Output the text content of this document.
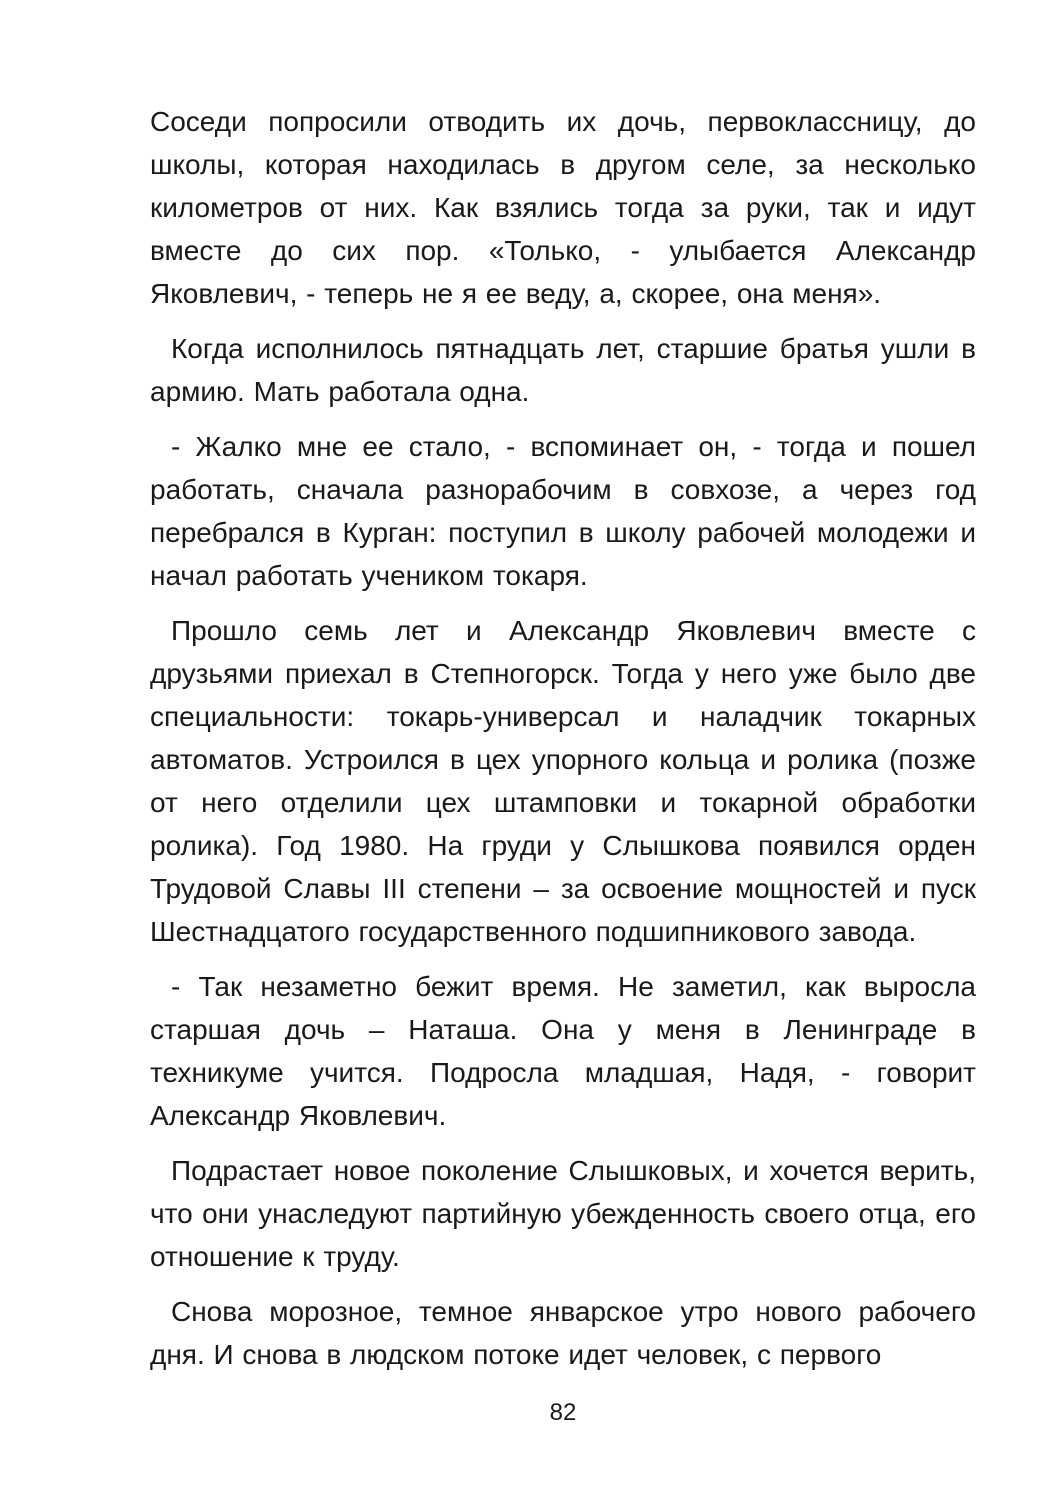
Соседи попросили отводить их дочь, первоклассницу, до школы, которая находилась в другом селе, за несколько километров от них. Как взялись тогда за руки, так и идут вместе до сих пор. «Только, - улыбается Александр Яковлевич, - теперь не я ее веду, а, скорее, она меня».

Когда исполнилось пятнадцать лет, старшие братья ушли в армию. Мать работала одна.

- Жалко мне ее стало, - вспоминает он, - тогда и пошел работать, сначала разнорабочим в совхозе, а через год перебрался в Курган: поступил в школу рабочей молодежи и начал работать учеником токаря.

Прошло семь лет и Александр Яковлевич вместе с друзьями приехал в Степногорск. Тогда у него уже было две специальности: токарь-универсал и наладчик токарных автоматов. Устроился в цех упорного кольца и ролика (позже от него отделили цех штамповки и токарной обработки ролика). Год 1980. На груди у Слышкова появился орден Трудовой Славы III степени – за освоение мощностей и пуск Шестнадцатого государственного подшипникового завода.

- Так незаметно бежит время. Не заметил, как выросла старшая дочь – Наташа. Она у меня в Ленинграде в техникуме учится. Подросла младшая, Надя, - говорит Александр Яковлевич.

Подрастает новое поколение Слышковых, и хочется верить, что они унаследуют партийную убежденность своего отца, его отношение к труду.

Снова морозное, темное январское утро нового рабочего дня. И снова в людском потоке идет человек, с первого

82
